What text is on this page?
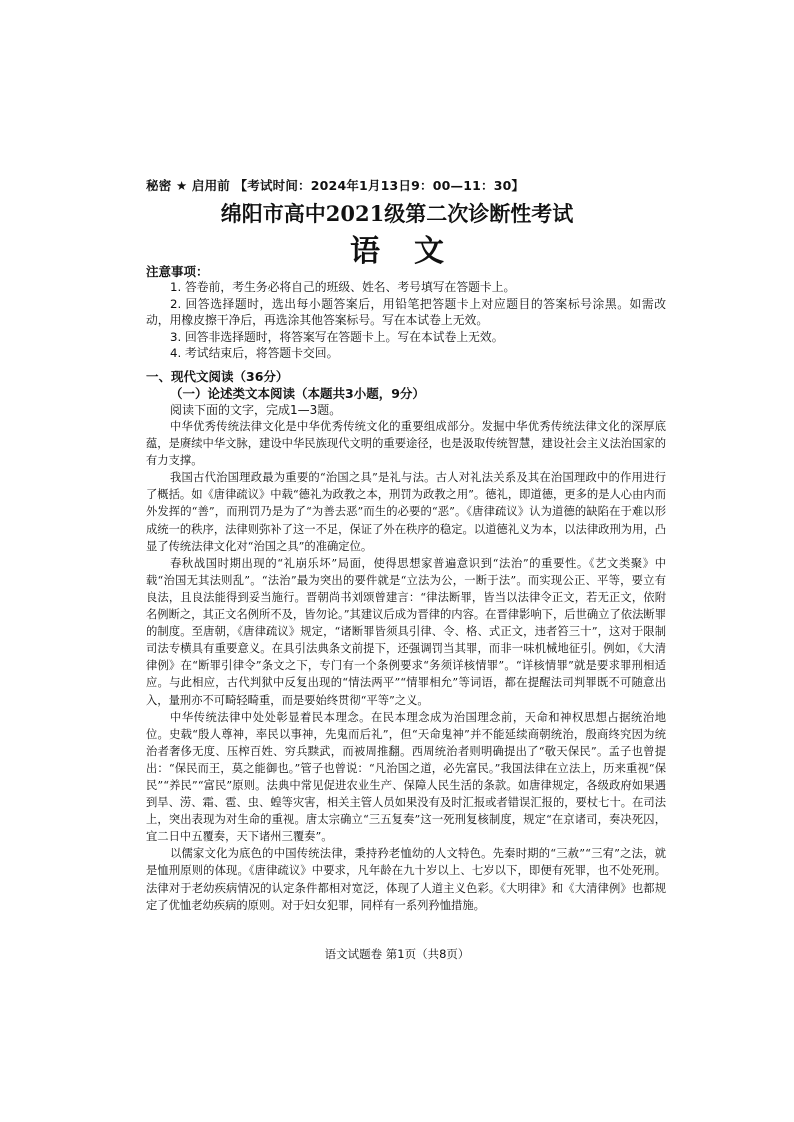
秘密 ★ 启用前 【考试时间：2024年1月13日9：00—11：30】
绵阳市高中2021级第二次诊断性考试
语文
注意事项：

1. 答卷前，考生务必将自己的班级、姓名、考号填写在答题卡上。

2. 回答选择题时，选出每小题答案后，用铅笔把答题卡上对应题目的答案标号涂黑。如需改动，用橡皮擦干净后，再选涂其他答案标号。写在本试卷上无效。

3. 回答非选择题时，将答案写在答题卡上。写在本试卷上无效。

4. 考试结束后，将答题卡交回。

一、现代文阅读（36分）
（一）论述类文本阅读（本题共3小题，9分）
阅读下面的文字，完成1—3题。

中华优秀传统法律文化是中华优秀传统文化的重要组成部分。发掘中华优秀传统法律文化的深厚底蕴，是赓续中华文脉，建设中华民族现代文明的重要途径，也是汲取传统智慧，建设社会主义法治国家的有力支撑。

我国古代治国理政最为重要的“治国之具”是礼与法。古人对礼法关系及其在治国理政中的作用进行了概括。如《唐律疏议》中载“德礼为政教之本，刑罚为政教之用”。德礼，即道德，更多的是人心由内而外发挥的“善”，而刑罚乃是为了“为善去恶”而生的必要的“恶”。《唐律疏议》认为道德的缺陷在于难以形成统一的秩序，法律则弥补了这一不足，保证了外在秩序的稳定。以道德礼义为本，以法律政刑为用，凸显了传统法律文化对“治国之具”的准确定位。

春秋战国时期出现的“礼崩乐坏”局面，使得思想家普遍意识到“法治”的重要性。《艺文类聚》中载“治国无其法则乱”。“法治”最为突出的要件就是“立法为公，一断于法”。而实现公正、平等，要立有良法，且良法能得到妥当施行。晋朝尚书刘颂曾建言：“律法断罪，皆当以法律令正文，若无正文，依附名例断之，其正文名例所不及，皆勿论。”其建议后成为晋律的内容。在晋律影响下，后世确立了依法断罪的制度。至唐朝，《唐律疏议》规定，“诸断罪皆须具引律、令、格、式正文，违者笞三十”，这对于限制司法专横具有重要意义。在具引法典条文前提下，还强调罚当其罪，而非一味机械地征引。例如，《大清律例》在“断罪引律令”条文之下，专门有一个条例要求“务须详核情罪”。“详核情罪”就是要求罪刑相适应。与此相应，古代判狱中反复出现的“情法两平”“情罪相允”等词语，都在提醒法司判罪既不可随意出入，量刑亦不可畸轻畸重，而是要始终贯彻“平等”之义。

中华传统法律中处处彰显着民本理念。在民本理念成为治国理念前，天命和神权思想占据统治地位。史载“殷人尊神，率民以事神，先鬼而后礼”，但“天命鬼神”并不能延续商朝统治，殷商终究因为统治者奢侈无度、压榨百姓、穷兵黩武，而被周推翻。西周统治者则明确提出了“敬天保民”。孟子也曾提出：“保民而王，莫之能御也。”管子也曾说：“凡治国之道，必先富民。”我国法律在立法上，历来重视“保民”“养民”“富民”原则。法典中常见促进农业生产、保障人民生活的条款。如唐律规定，各级政府如果遇到旱、涝、霜、雹、虫、蝗等灾害，相关主管人员如果没有及时汇报或者错误汇报的，要杖七十。在司法上，突出表现为对生命的重视。唐太宗确立“三五复奏”这一死刑复核制度，规定“在京诸司，奏决死囚，宜二日中五覆奏，天下诸州三覆奏”。

以儒家文化为底色的中国传统法律，秉持矜老恤幼的人文特色。先秦时期的“三赦”“三宥”之法，就是恤刑原则的体现。《唐律疏议》中要求，凡年龄在九十岁以上、七岁以下，即便有死罪，也不处死刑。法律对于老幼疾病情况的认定条件都相对宽泛，体现了人道主义色彩。《大明律》和《大清律例》也都规定了优恤老幼疾病的原则。对于妇女犯罪，同样有一系列矜恤措施。

语文试题卷 第1页（共8页）
